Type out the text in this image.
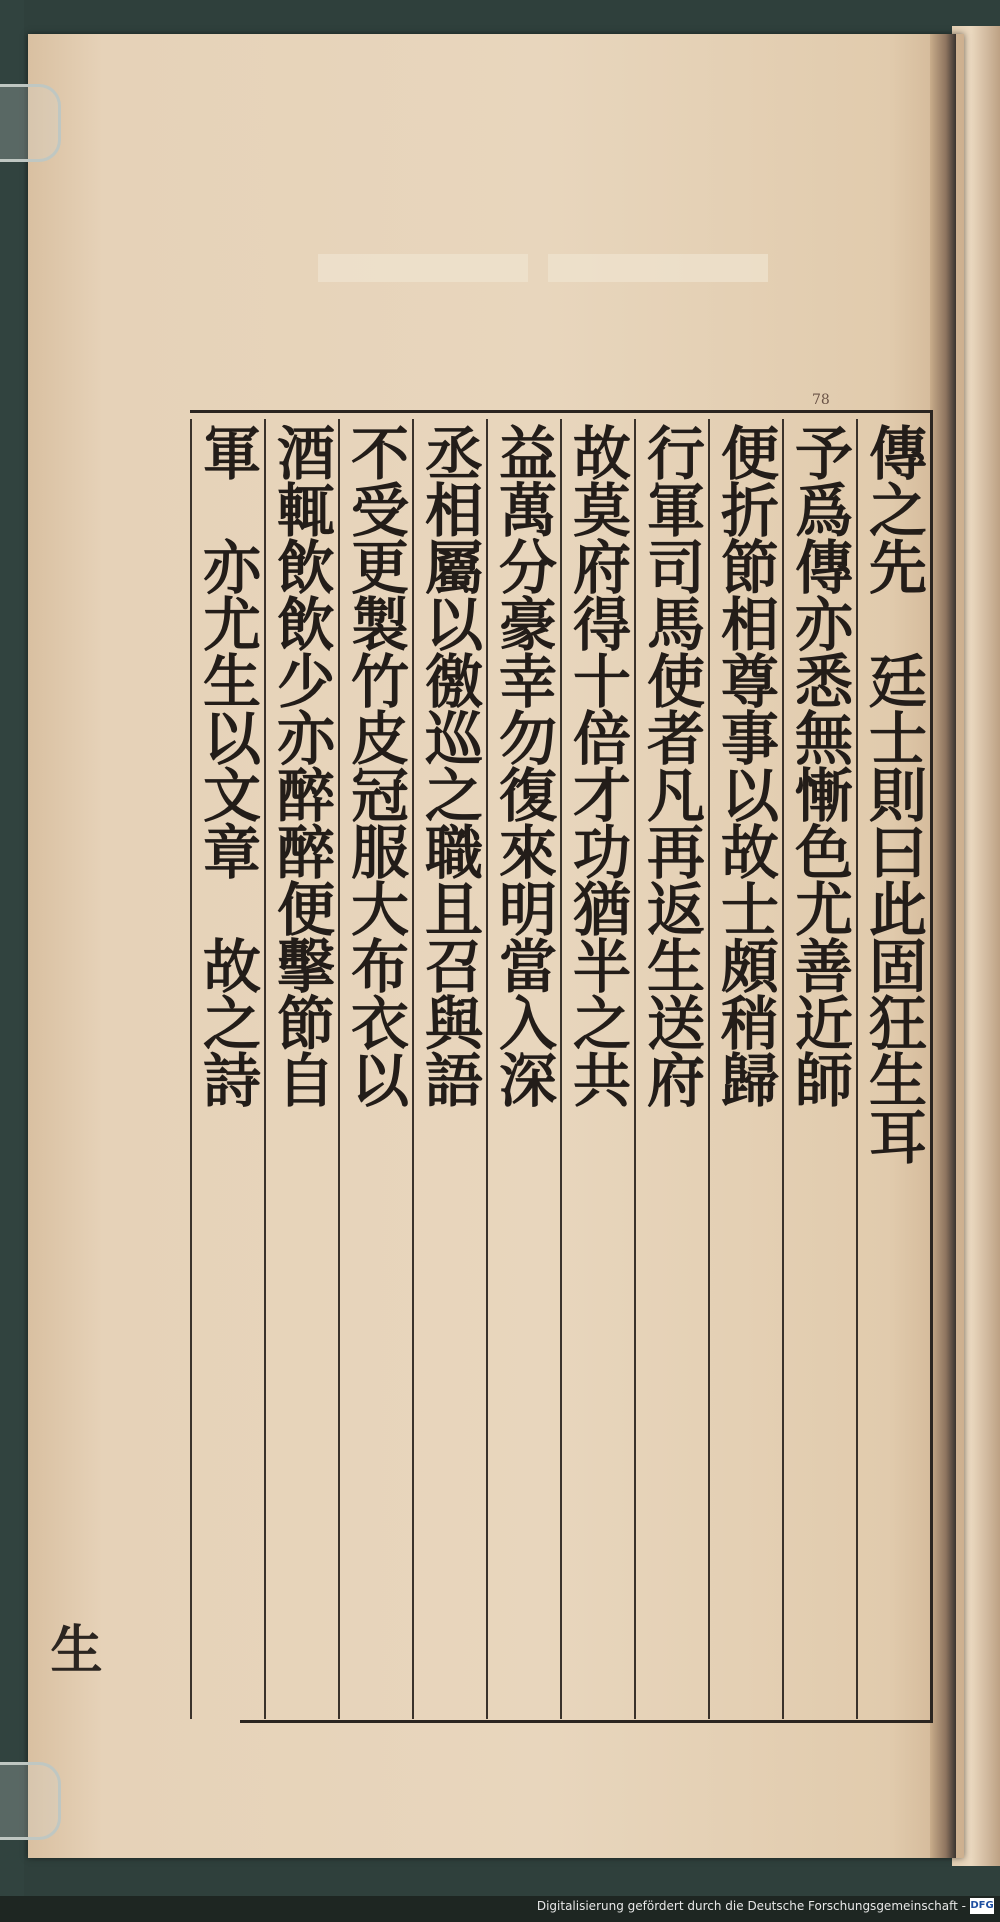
78
傳之先　廷士則曰此固狂生耳
予爲傳亦悉無慚色尤善近師
便折節相尊事以故士頗稍歸
行軍司馬使者凡再返生送府
故莫府得十倍才功猶半之共
益萬分豪幸勿復來明當入深
丞相屬以徼巡之職且召與語
不受更製竹皮冠服大布衣以
酒輒飲飲少亦醉醉便擊節自
軍　亦尤生以文章　故之詩
生
Digitalisierung gefördert durch die Deutsche Forschungsgemeinschaft - DFG
